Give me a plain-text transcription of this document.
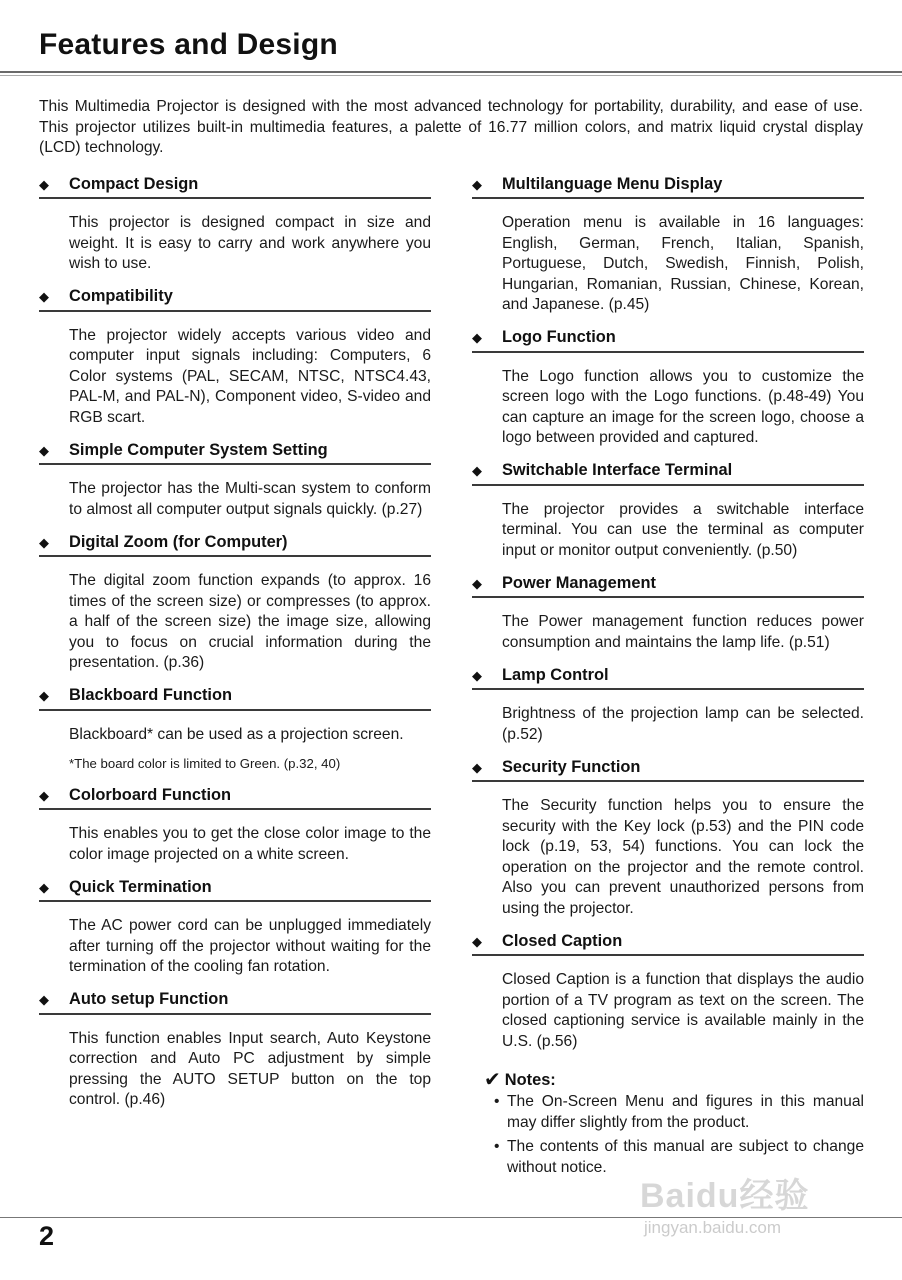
Features and Design

This Multimedia Projector is designed with the most advanced technology for portability, durability, and ease of use. This projector utilizes built-in multimedia features, a palette of 16.77 million colors, and matrix liquid crystal display (LCD) technology.

◆	Compact Design
This projector is designed compact in size and weight. It is easy to carry and work anywhere you wish to use.
◆	Compatibility
The projector widely accepts various video and computer input signals including: Computers, 6 Color systems (PAL, SECAM, NTSC, NTSC4.43, PAL-M, and PAL-N), Component video, S-video and RGB scart.
◆	Simple Computer System Setting
The projector has the Multi-scan system to conform to almost all computer output signals quickly. (p.27)
◆	Digital Zoom (for Computer)
The digital zoom function expands (to approx. 16 times of the screen size) or compresses (to approx. a half of the screen size) the image size, allowing you to focus on crucial information during the presentation. (p.36)
◆	Blackboard Function
Blackboard* can be used as a projection screen.
*The board color is limited to Green. (p.32, 40)
◆	Colorboard Function
This enables you to get the close color image to the color image projected on a white screen.
◆	Quick Termination
The AC power cord can be unplugged immediately after turning off the projector without waiting for the termination of the cooling fan rotation.
◆	Auto setup Function
This function enables Input search, Auto Keystone correction and Auto PC adjustment by simple pressing the AUTO SETUP button on the top control. (p.46)
◆	Multilanguage Menu Display
Operation menu is available in 16 languages: English, German, French, Italian, Spanish, Portuguese, Dutch, Swedish, Finnish, Polish, Hungarian, Romanian, Russian, Chinese, Korean, and Japanese. (p.45)
◆	Logo Function
The Logo function allows you to customize the screen logo with the Logo functions. (p.48-49) You can capture an image for the screen logo, choose a logo between provided and captured.
◆	Switchable Interface Terminal
The projector provides a switchable interface terminal. You can use the terminal as computer input or monitor output conveniently. (p.50)
◆	Power Management
The Power management function reduces power consumption and maintains the lamp life. (p.51)
◆	Lamp Control
Brightness of the projection lamp can be selected. (p.52)
◆	Security Function
The Security function helps you to ensure the security with the Key lock (p.53) and the PIN code lock (p.19, 53, 54) functions. You can lock the operation on the projector and the remote control. Also you can prevent unauthorized persons from using the projector.
◆	Closed Caption
Closed Caption is a function that displays the audio portion of a TV program as text on the screen. The closed captioning service is available mainly in the U.S. (p.56)
✔ Notes:
• The On-Screen Menu and figures in this manual may differ slightly from the product.
• The contents of this manual are subject to change without notice.
2
Baidu经验
jingyan.baidu.com
